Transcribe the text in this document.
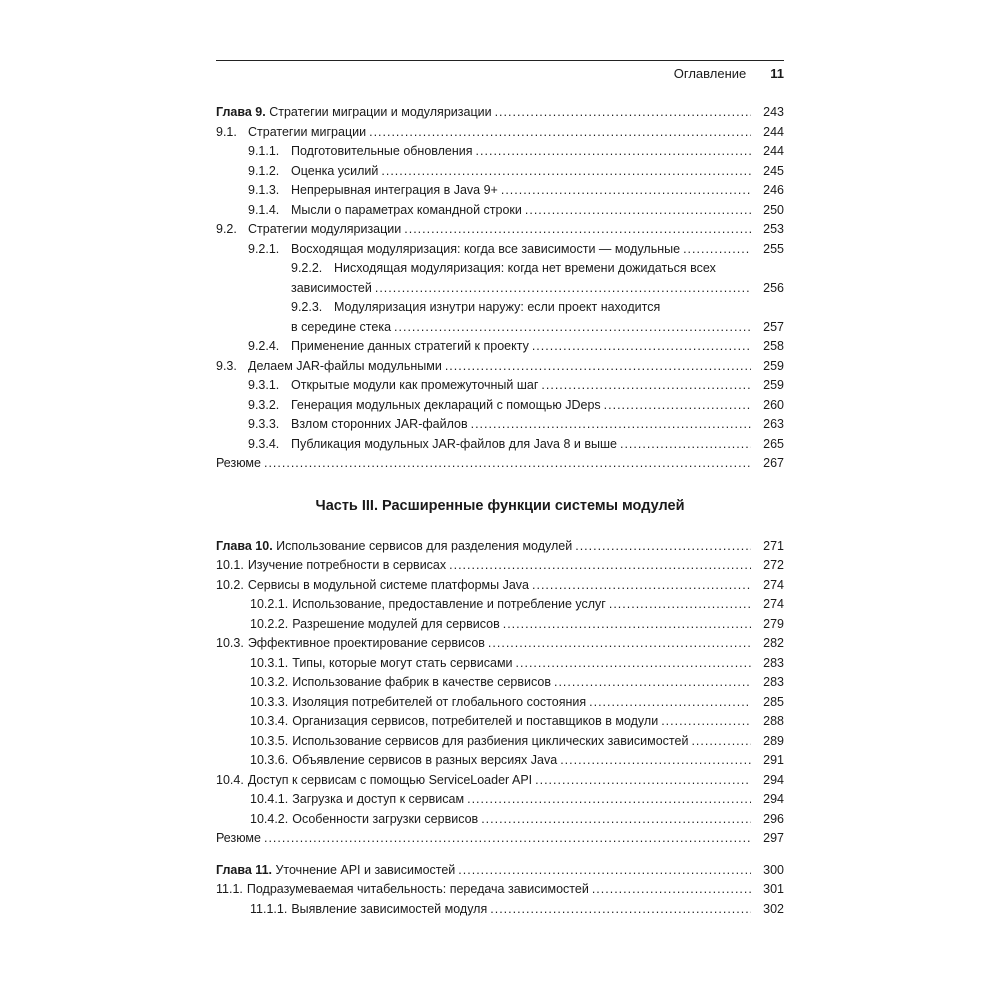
Оглавление 11
Глава 9. Стратегии миграции и модуляризации .....	243
9.1. Стратегии миграции .....	244
9.1.1. Подготовительные обновления .....	244
9.1.2. Оценка усилий .....	245
9.1.3. Непрерывная интеграция в Java 9+ .....	246
9.1.4. Мысли о параметрах командной строки .....	250
9.2. Стратегии модуляризации .....	253
9.2.1. Восходящая модуляризация: когда все зависимости — модульные .....	255
9.2.2. Нисходящая модуляризация: когда нет времени дожидаться всех
зависимостей .....	256
9.2.3. Модуляризация изнутри наружу: если проект находится
в середине стека .....	257
9.2.4. Применение данных стратегий к проекту .....	258
9.3. Делаем JAR-файлы модульными .....	259
9.3.1. Открытые модули как промежуточный шаг .....	259
9.3.2. Генерация модульных деклараций с помощью JDeps .....	260
9.3.3. Взлом сторонних JAR-файлов .....	263
9.3.4. Публикация модульных JAR-файлов для Java 8 и выше .....	265
Резюме .....	267
Часть III. Расширенные функции системы модулей
Глава 10. Использование сервисов для разделения модулей .....	271
10.1. Изучение потребности в сервисах .....	272
10.2. Сервисы в модульной системе платформы Java .....	274
10.2.1. Использование, предоставление и потребление услуг .....	274
10.2.2. Разрешение модулей для сервисов .....	279
10.3. Эффективное проектирование сервисов .....	282
10.3.1. Типы, которые могут стать сервисами .....	283
10.3.2. Использование фабрик в качестве сервисов .....	283
10.3.3. Изоляция потребителей от глобального состояния .....	285
10.3.4. Организация сервисов, потребителей и поставщиков в модули .....	288
10.3.5. Использование сервисов для разбиения циклических зависимостей .....	289
10.3.6. Объявление сервисов в разных версиях Java .....	291
10.4. Доступ к сервисам с помощью ServiceLoader API .....	294
10.4.1. Загрузка и доступ к сервисам .....	294
10.4.2. Особенности загрузки сервисов .....	296
Резюме .....	297
Глава 11. Уточнение API и зависимостей .....	300
11.1. Подразумеваемая читабельность: передача зависимостей .....	301
11.1.1. Выявление зависимостей модуля .....	302
